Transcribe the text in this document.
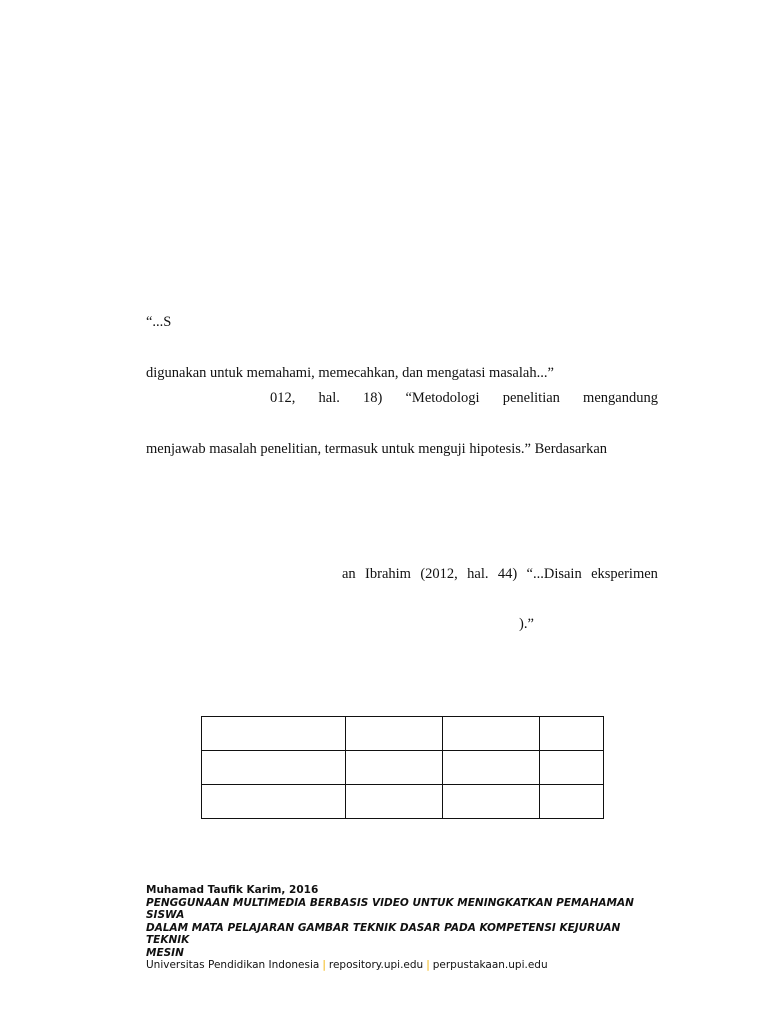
“...S
digunakan untuk memahami, memecahkan, dan mengatasi masalah...”
012, hal. 18) “Metodologi penelitian mengandung
menjawab masalah penelitian, termasuk untuk menguji hipotesis.” Berdasarkan
an Ibrahim (2012, hal. 44) “...Disain eksperimen
).”

Muhamad Taufik Karim, 2016
PENGGUNAAN MULTIMEDIA BERBASIS VIDEO UNTUK MENINGKATKAN PEMAHAMAN SISWA
DALAM MATA PELAJARAN GAMBAR TEKNIK DASAR PADA KOMPETENSI KEJURUAN TEKNIK
MESIN
Universitas Pendidikan Indonesia | repository.upi.edu | perpustakaan.upi.edu
